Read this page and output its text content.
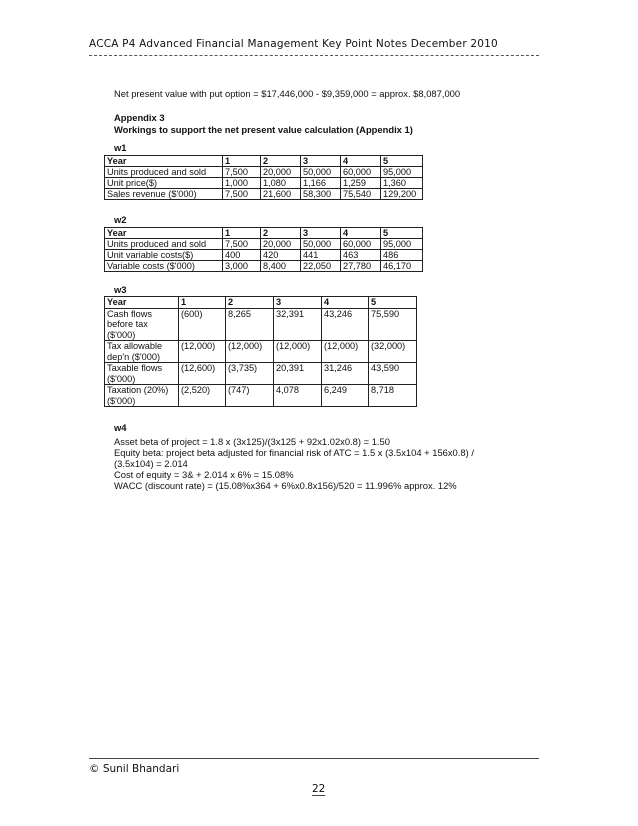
ACCA P4 Advanced Financial Management Key Point Notes December 2010
Net present value with put option = $17,446,000 - $9,359,000 = approx. $8,087,000
Appendix 3
Workings to support the net present value calculation (Appendix 1)
w1
Year	1	2	3	4	5
Units produced and sold	7,500	20,000	50,000	60,000	95,000
Unit price($)	1,000	1,080	1,166	1,259	1,360
Sales revenue ($'000)	7,500	21,600	58,300	75,540	129,200
w2
Year	1	2	3	4	5
Units produced and sold	7,500	20,000	50,000	60,000	95,000
Unit variable costs($)	400	420	441	463	486
Variable costs ($'000)	3,000	8,400	22,050	27,780	46,170
w3
Year	1	2	3	4	5
Cash flows before tax ($'000)	(600)	8,265	32,391	43,246	75,590
Tax allowable dep'n ($'000)	(12,000)	(12,000)	(12,000)	(12,000)	(32,000)
Taxable flows ($'000)	(12,600)	(3,735)	20,391	31,246	43,590
Taxation (20%) ($'000)	(2,520)	(747)	4,078	6,249	8,718
w4
Asset beta of project = 1.8 x (3x125)/(3x125 + 92x1.02x0.8) = 1.50
Equity beta: project beta adjusted for financial risk of ATC = 1.5 x (3.5x104 + 156x0.8) /
(3.5x104) = 2.014
Cost of equity = 3& + 2.014 x 6% = 15.08%
WACC (discount rate) = (15.08%x364 + 6%x0.8x156)/520 = 11.996% approx. 12%
© Sunil Bhandari
22
